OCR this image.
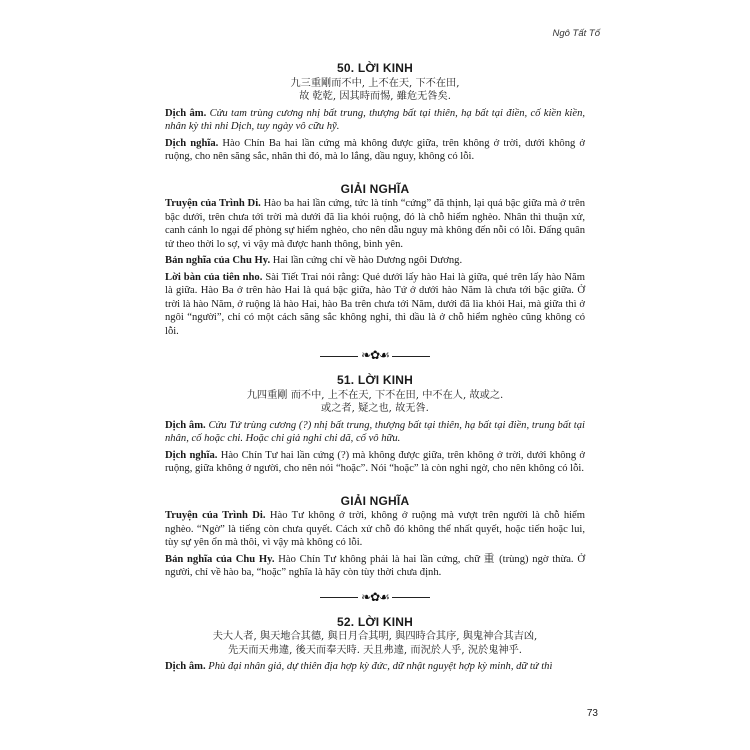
Ngô Tất Tố
50. LỜI KINH
九三重剛而不中, 上不在天, 下不在田,
故 乾乾, 因其時而惕, 雖危无咎矣.

Dịch âm. Cửu tam trùng cương nhị bất trung, thượng bất tại thiên, hạ bất tại điền, cố kiền kiền, nhân kỳ thì nhi Dịch, tuy ngày vô cữu hỹ.

Dịch nghĩa. Hào Chín Ba hai lần cứng mà không được giữa, trên không ở trời, dưới không ở ruộng, cho nên săng sắc, nhân thì đó, mà lo lắng, dầu nguy, không có lỗi.

GIẢI NGHĨA

Truyện của Trình Di. Hào ba hai lần cứng, tức là tính “cứng” đã thịnh, lại quá bậc giữa mà ở trên bậc dưới, trên chưa tới trời mà dưới đã lìa khỏi ruộng, đó là chỗ hiểm nghèo. Nhân thì thuận xử, canh cánh lo ngại để phòng sự hiểm nghèo, cho nên dẫu nguy mà không đến nỗi có lỗi. Đấng quân tử theo thời lo sợ, vì vậy mà được hanh thông, bình yên.

Bản nghĩa của Chu Hy. Hai lần cứng chỉ về hào Dương ngôi Dương.

Lời bàn của tiên nho. Sài Tiết Trai nói rằng: Quẻ dưới lấy hào Hai là giữa, quẻ trên lấy hào Năm là giữa. Hào Ba ở trên hào Hai là quá bậc giữa, hào Tứ ở dưới hào Năm là chưa tới bậc giữa. Ở trời là hào Năm, ở ruộng là hào Hai, hào Ba trên chưa tới Năm, dưới đã lìa khỏi Hai, mà giữa thì ở ngôi “người”, chỉ có một cách săng sắc không nghỉ, thì dầu là ở chỗ hiểm nghèo cũng không có lỗi.

❧✿☙
51. LỜI KINH
九四重剛 而不中, 上不在天, 下不在田, 中不在人, 故或之.
或之者, 疑之也, 故无咎.

Dịch âm. Cửu Tứ trùng cương (?) nhị bất trung, thượng bất tại thiên, hạ bất tại điền, trung bất tại nhân, cố hoặc chi. Hoặc chi giả nghi chi dã, cố vô hữu.

Dịch nghĩa. Hào Chín Tư hai lần cứng (?) mà không được giữa, trên không ở trời, dưới không ở ruộng, giữa không ở người, cho nên nói “hoặc”. Nói “hoặc” là còn nghi ngờ, cho nên không có lỗi.

GIẢI NGHĨA

Truyện của Trình Di. Hào Tư không ở trời, không ở ruộng mà vượt trên người là chỗ hiểm nghèo. “Ngờ” là tiếng còn chưa quyết. Cách xử chỗ đó không thể nhất quyết, hoặc tiến hoặc lui, tùy sự yên ổn mà thôi, vì vậy mà không có lỗi.

Bản nghĩa của Chu Hy. Hào Chín Tư không phải là hai lần cứng, chữ 重 (trùng) ngờ thừa. Ở người, chỉ về hào ba, “hoặc” nghĩa là hãy còn tùy thời chưa định.

❧✿☙
52. LỜI KINH
夫大人者, 與天地合其德, 與日月合其明, 與四時合其序, 與鬼神合其吉凶,
先天而天弗違, 後天而奉天時. 天且弗違, 而況於人乎, 況於鬼神乎.

Dịch âm. Phù đại nhân giả, dự thiên địa hợp kỳ đức, dữ nhật nguyệt hợp kỳ minh, dữ tứ thì

73
